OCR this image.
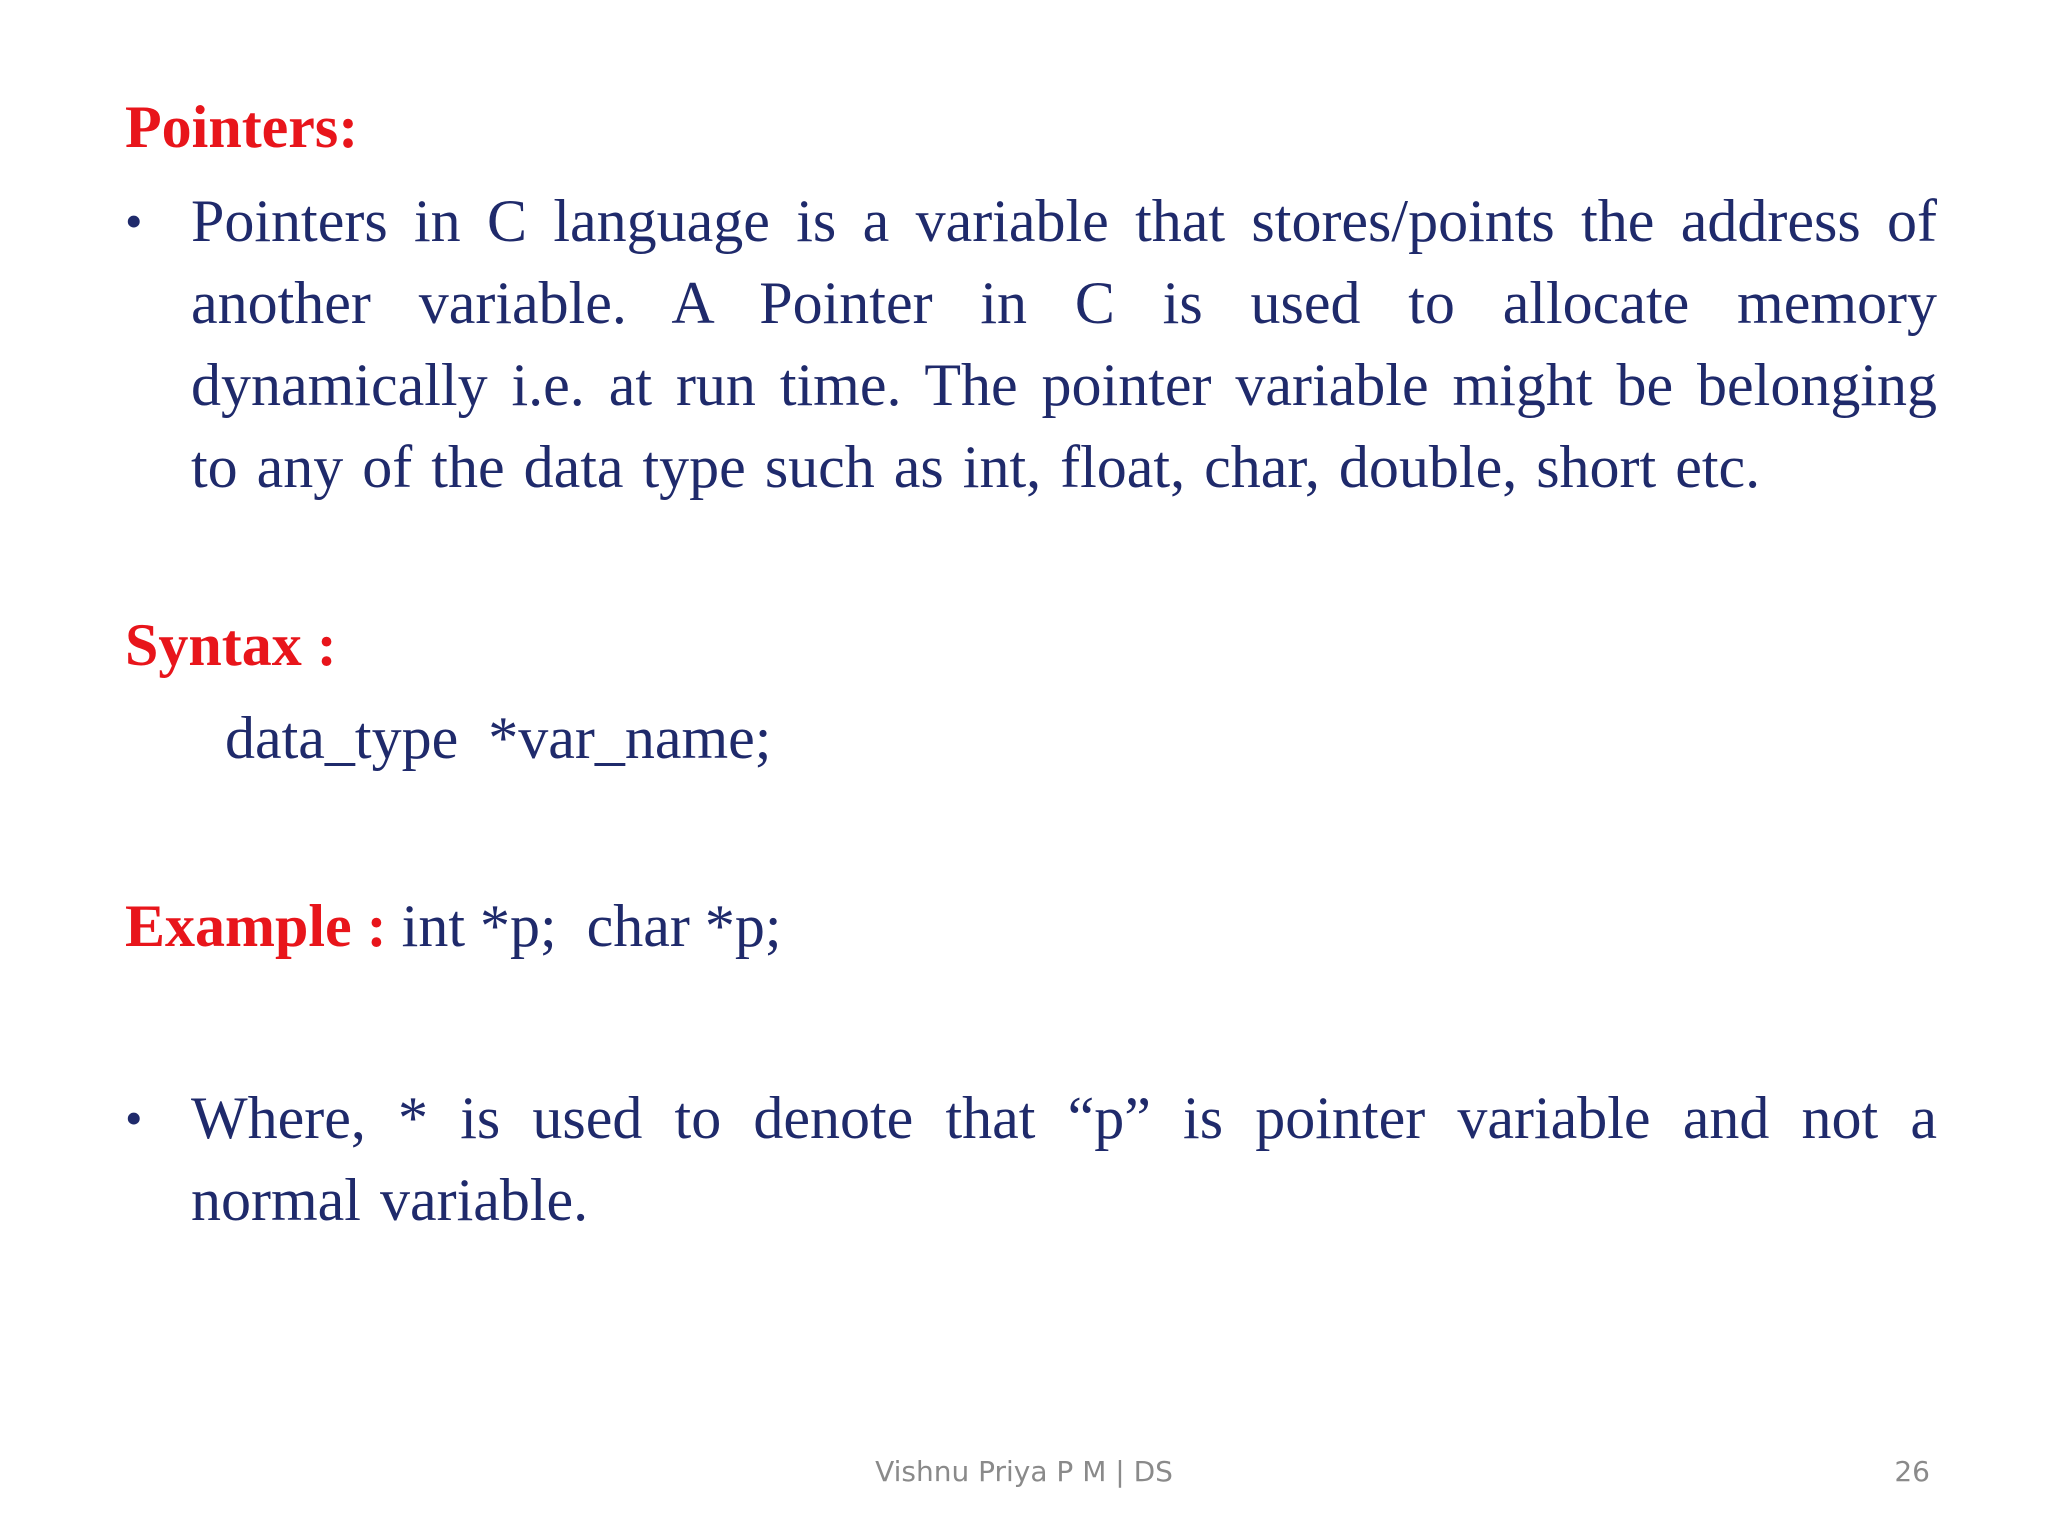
Pointers:
• Pointers in C language is a variable that stores/points the address of another variable. A Pointer in C is used to allocate memory dynamically i.e. at run time. The pointer variable might be belonging to any of the data type such as int, float, char, double, short etc.
Syntax :
data_type  *var_name;
Example : int *p;  char *p;
• Where, * is used to denote that “p” is pointer variable and not a normal variable.
Vishnu Priya P M | DS	26
